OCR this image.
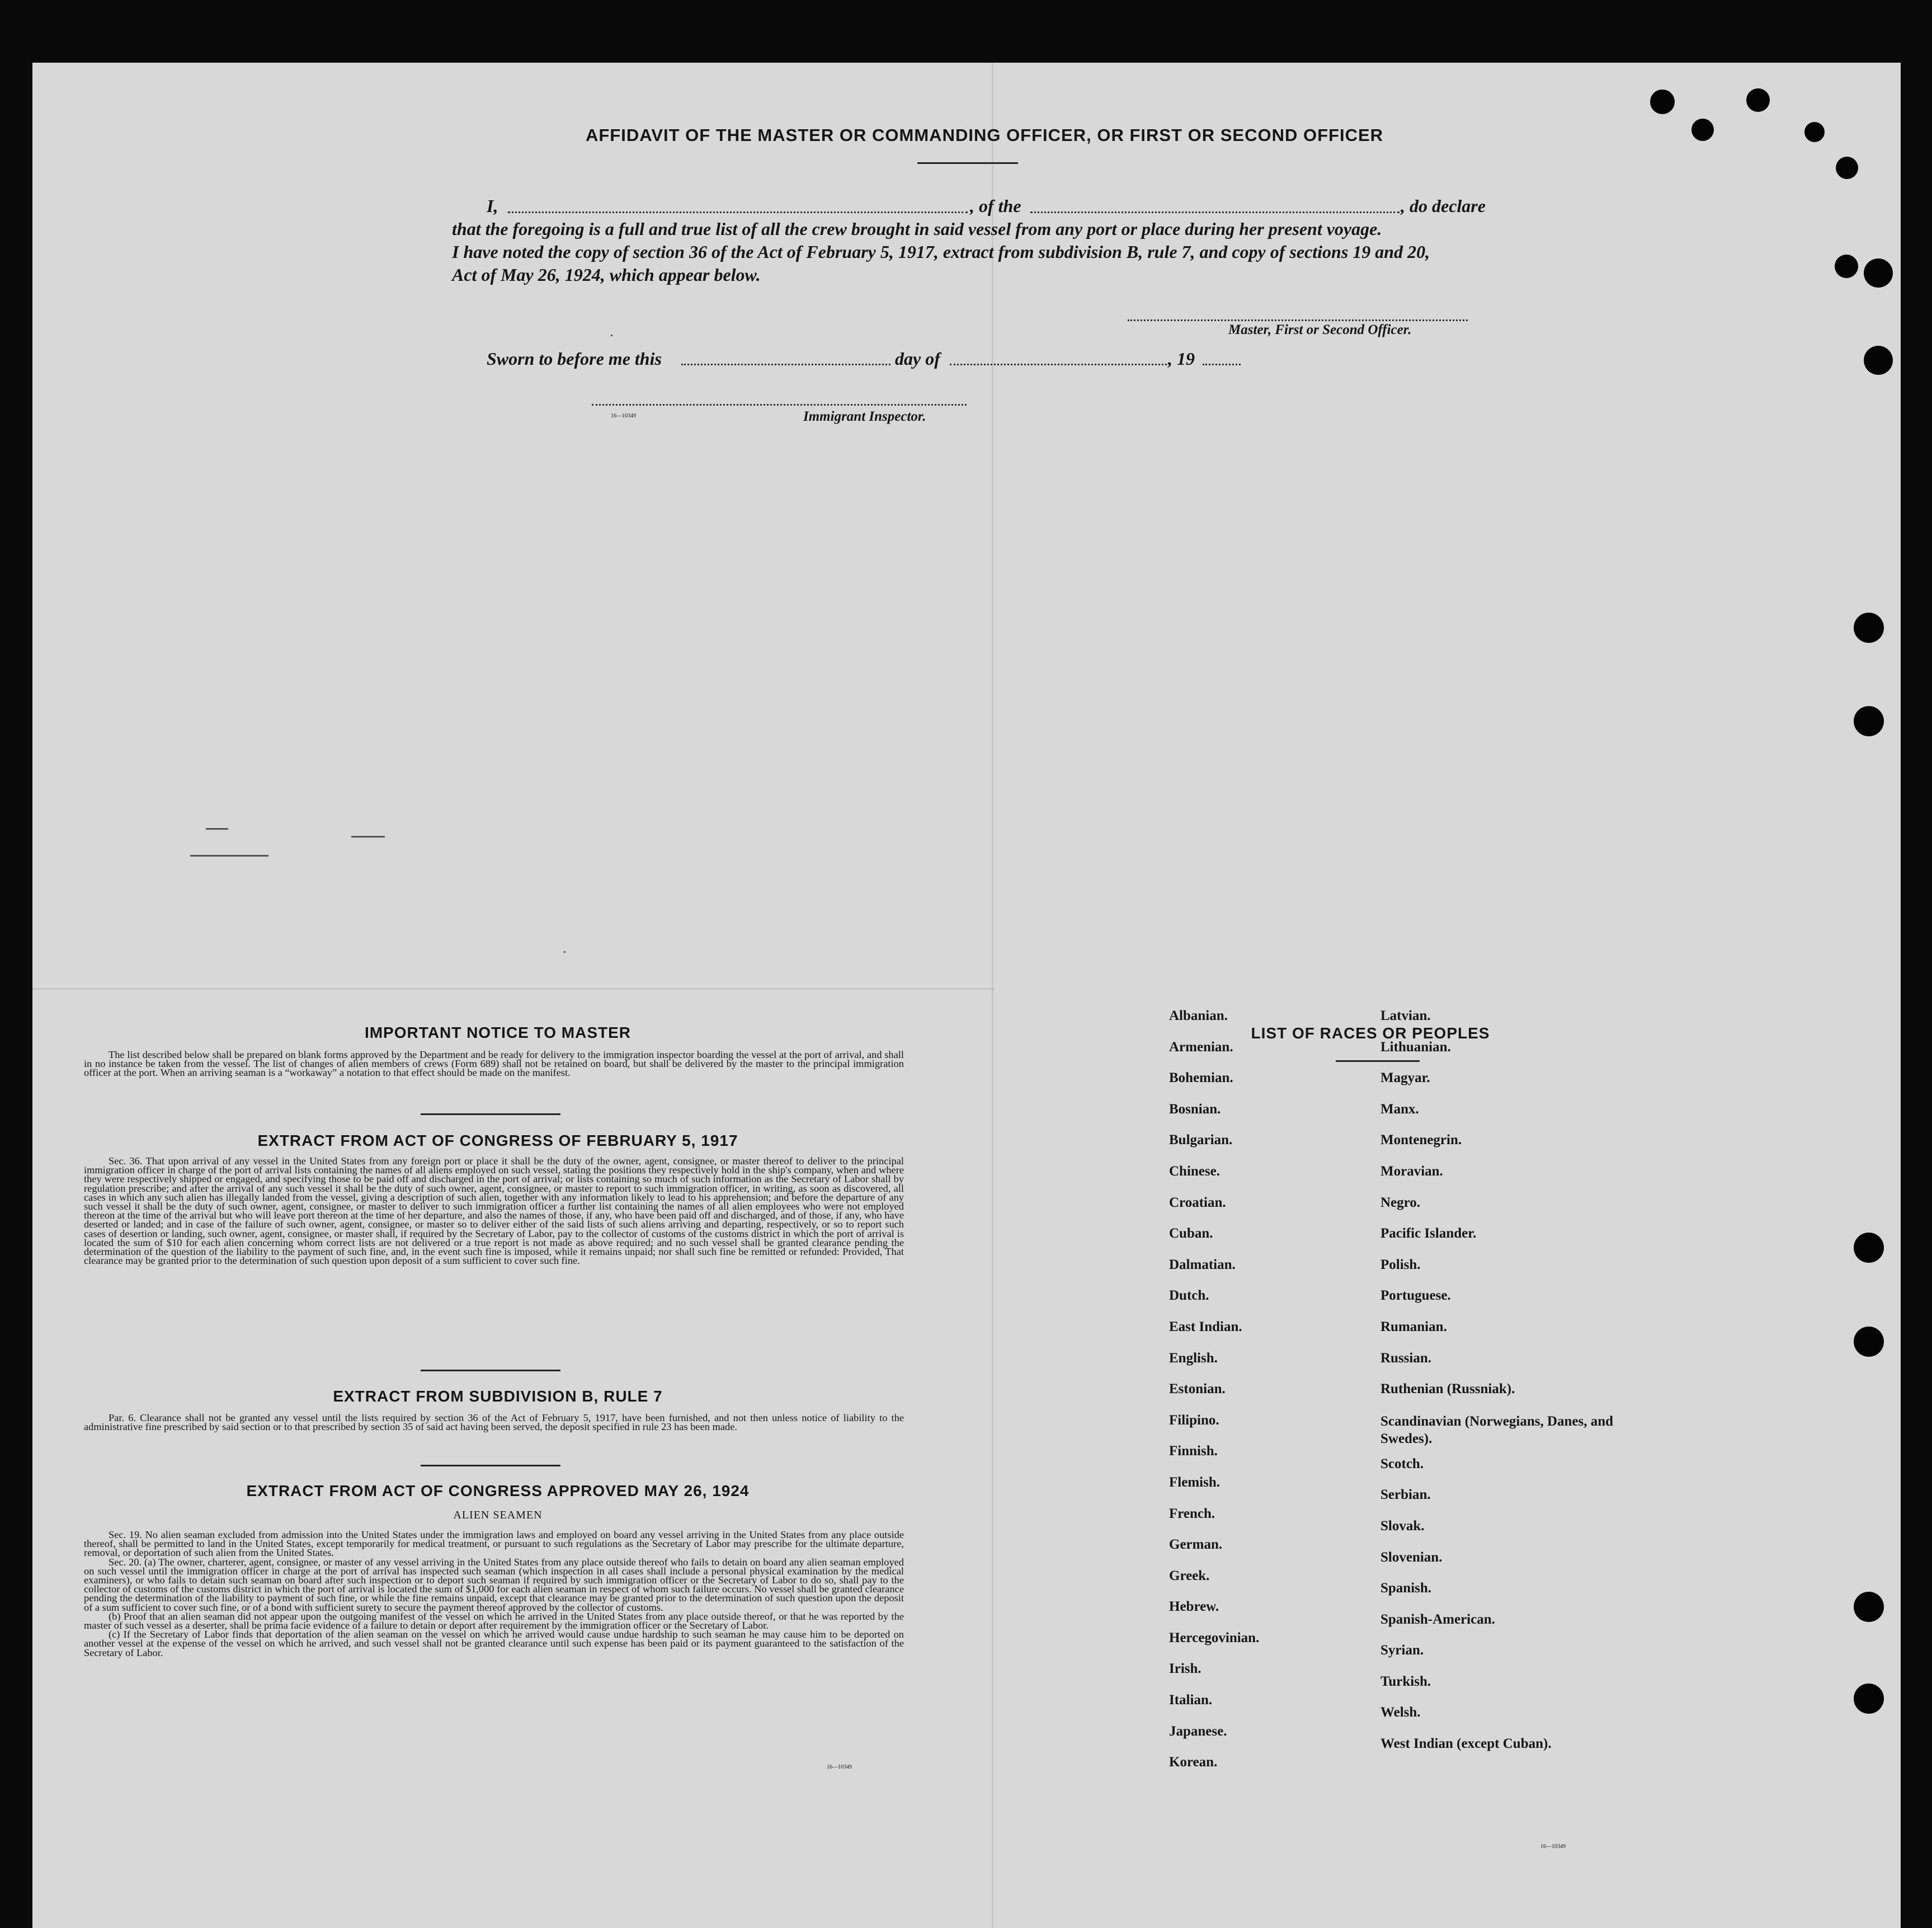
AFFIDAVIT OF THE MASTER OR COMMANDING OFFICER, OR FIRST OR SECOND OFFICER
I,	, of the	, do declare
that the foregoing is a full and true list of all the crew brought in said vessel from any port or place during her present voyage.
I have noted the copy of section 36 of the Act of February 5, 1917, extract from subdivision B, rule 7, and copy of sections 19 and 20,
Act of May 26, 1924, which appear below.
Master, First or Second Officer.
Sworn to before me this	day of	, 19
16—10349	Immigrant Inspector.
IMPORTANT NOTICE TO MASTER

The list described below shall be prepared on blank forms approved by the Department and be ready for delivery to the immigration inspector boarding the vessel at the port of arrival, and shall in no instance be taken from the vessel. The list of changes of alien members of crews (Form 689) shall not be retained on board, but shall be delivered by the master to the principal immigration officer at the port. When an arriving seaman is a “workaway” a notation to that effect should be made on the manifest.

EXTRACT FROM ACT OF CONGRESS OF FEBRUARY 5, 1917

Sec. 36. That upon arrival of any vessel in the United States from any foreign port or place it shall be the duty of the owner, agent, consignee, or master thereof to deliver to the principal immigration officer in charge of the port of arrival lists containing the names of all aliens employed on such vessel, stating the positions they respectively hold in the ship's company, when and where they were respectively shipped or engaged, and specifying those to be paid off and discharged in the port of arrival; or lists containing so much of such information as the Secretary of Labor shall by regulation prescribe; and after the arrival of any such vessel it shall be the duty of such owner, agent, consignee, or master to report to such immigration officer, in writing, as soon as discovered, all cases in which any such alien has illegally landed from the vessel, giving a description of such alien, together with any information likely to lead to his apprehension; and before the departure of any such vessel it shall be the duty of such owner, agent, consignee, or master to deliver to such immigration officer a further list containing the names of all alien employees who were not employed thereon at the time of the arrival but who will leave port thereon at the time of her departure, and also the names of those, if any, who have been paid off and discharged, and of those, if any, who have deserted or landed; and in case of the failure of such owner, agent, consignee, or master so to deliver either of the said lists of such aliens arriving and departing, respectively, or so to report such cases of desertion or landing, such owner, agent, consignee, or master shall, if required by the Secretary of Labor, pay to the collector of customs of the customs district in which the port of arrival is located the sum of $10 for each alien concerning whom correct lists are not delivered or a true report is not made as above required; and no such vessel shall be granted clearance pending the determination of the question of the liability to the payment of such fine, and, in the event such fine is imposed, while it remains unpaid; nor shall such fine be remitted or refunded: Provided, That clearance may be granted prior to the determination of such question upon deposit of a sum sufficient to cover such fine.

EXTRACT FROM SUBDIVISION B, RULE 7

Par. 6. Clearance shall not be granted any vessel until the lists required by section 36 of the Act of February 5, 1917, have been furnished, and not then unless notice of liability to the administrative fine prescribed by said section or to that prescribed by section 35 of said act having been served, the deposit specified in rule 23 has been made.

EXTRACT FROM ACT OF CONGRESS APPROVED MAY 26, 1924
ALIEN SEAMEN

Sec. 19. No alien seaman excluded from admission into the United States under the immigration laws and employed on board any vessel arriving in the United States from any place outside thereof, shall be permitted to land in the United States, except temporarily for medical treatment, or pursuant to such regulations as the Secretary of Labor may prescribe for the ultimate departure, removal, or deportation of such alien from the United States.

Sec. 20. (a) The owner, charterer, agent, consignee, or master of any vessel arriving in the United States from any place outside thereof who fails to detain on board any alien seaman employed on such vessel until the immigration officer in charge at the port of arrival has inspected such seaman (which inspection in all cases shall include a personal physical examination by the medical examiners), or who fails to detain such seaman on board after such inspection or to deport such seaman if required by such immigration officer or the Secretary of Labor to do so, shall pay to the collector of customs of the customs district in which the port of arrival is located the sum of $1,000 for each alien seaman in respect of whom such failure occurs. No vessel shall be granted clearance pending the determination of the liability to payment of such fine, or while the fine remains unpaid, except that clearance may be granted prior to the determination of such question upon the deposit of a sum sufficient to cover such fine, or of a bond with sufficient surety to secure the payment thereof approved by the collector of customs.

(b) Proof that an alien seaman did not appear upon the outgoing manifest of the vessel on which he arrived in the United States from any place outside thereof, or that he was reported by the master of such vessel as a deserter, shall be prima facie evidence of a failure to detain or deport after requirement by the immigration officer or the Secretary of Labor.

(c) If the Secretary of Labor finds that deportation of the alien seaman on the vessel on which he arrived would cause undue hardship to such seaman he may cause him to be deported on another vessel at the expense of the vessel on which he arrived, and such vessel shall not be granted clearance until such expense has been paid or its payment guaranteed to the satisfaction of the Secretary of Labor.

16—10349
LIST OF RACES OR PEOPLES
Albanian.
Armenian.
Bohemian.
Bosnian.
Bulgarian.
Chinese.
Croatian.
Cuban.
Dalmatian.
Dutch.
East Indian.
English.
Estonian.
Filipino.
Finnish.
Flemish.
French.
German.
Greek.
Hebrew.
Hercegovinian.
Irish.
Italian.
Japanese.
Korean.
Latvian.
Lithuanian.
Magyar.
Manx.
Montenegrin.
Moravian.
Negro.
Pacific Islander.
Polish.
Portuguese.
Rumanian.
Russian.
Ruthenian (Russniak).
Scandinavian (Norwegians, Danes, and Swedes).
Scotch.
Serbian.
Slovak.
Slovenian.
Spanish.
Spanish-American.
Syrian.
Turkish.
Welsh.
West Indian (except Cuban).
16—10349
